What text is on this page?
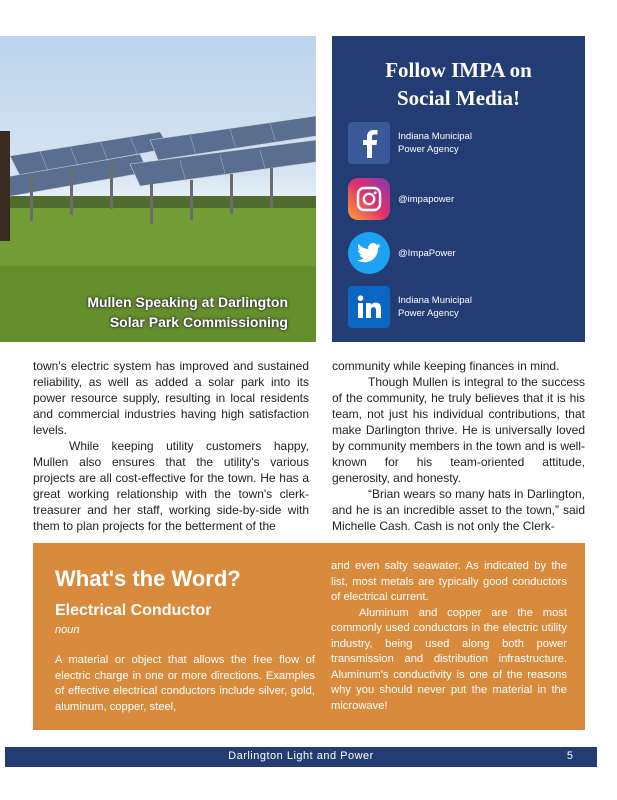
Mullen Speaking at Darlington
Solar Park Commissioning
Follow IMPA on
Social Media!
Indiana Municipal
Power Agency
@impapower
@ImpaPower
Indiana Municipal
Power Agency

town's electric system has improved and sustained reliability, as well as added a solar park into its power resource supply, resulting in local residents and commercial industries having high satisfaction levels.

While keeping utility customers happy, Mullen also ensures that the utility's various projects are all cost-effective for the town. He has a great working relationship with the town's clerk-treasurer and her staff, working side-by-side with them to plan projects for the betterment of the

community while keeping finances in mind.

Though Mullen is integral to the success of the community, he truly believes that it is his team, not just his individual contributions, that make Darlington thrive. He is universally loved by community members in the town and is well-known for his team-oriented attitude, generosity, and honesty.

“Brian wears so many hats in Darlington, and he is an incredible asset to the town,” said Michelle Cash. Cash is not only the Clerk-

What's the Word?
Electrical Conductor
noun
A material or object that allows the free flow of electric charge in one or more directions. Examples of effective electrical conductors include silver, gold, aluminum, copper, steel,

and even salty seawater. As indicated by the list, most metals are typically good conductors of electrical current.

Aluminum and copper are the most commonly used conductors in the electric utility industry, being used along both power transmission and distribution infrastructure. Aluminum's conductivity is one of the reasons why you should never put the material in the microwave!

Darlington Light and Power	5
